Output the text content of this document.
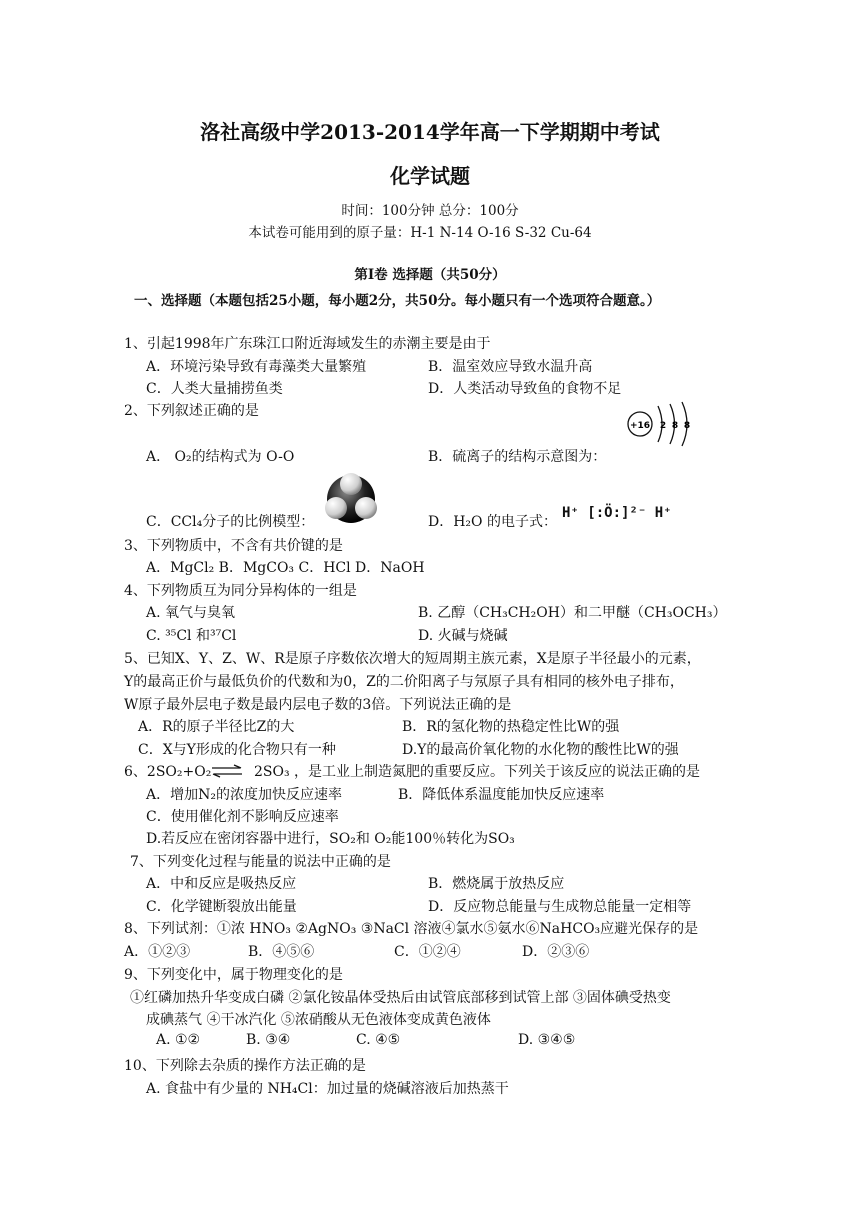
洛社高级中学2013-2014学年高一下学期期中考试
化学试题
时间：100分钟 总分：100分
本试卷可能用到的原子量：H-1 N-14 O-16 S-32 Cu-64
第Ⅰ卷 选择题（共50分）
一、选择题（本题包括25小题，每小题2分，共50分。每小题只有一个选项符合题意。）
1、引起1998年广东珠江口附近海域发生的赤潮主要是由于
A．环境污染导致有毒藻类大量繁殖	B．温室效应导致水温升高
C．人类大量捕捞鱼类	D．人类活动导致鱼的食物不足
2、下列叙述正确的是
A． O₂的结构式为 O-O	B．硫离子的结构示意图为：
+16 2 8 8
C．CCl₄分子的比例模型：	D．H₂O 的电子式：
H⁺ [:Ö:]²⁻ H⁺
3、下列物质中，不含有共价键的是
A．MgCl₂ B．MgCO₃ C．HCl D．NaOH
4、下列物质互为同分异构体的一组是
A. 氧气与臭氧	B. 乙醇（CH₃CH₂OH）和二甲醚（CH₃OCH₃）
C. ³⁵Cl 和³⁷Cl	D. 火碱与烧碱
5、已知X、Y、Z、W、R是原子序数依次增大的短周期主族元素，X是原子半径最小的元素，
Y的最高正价与最低负价的代数和为0，Z的二价阳离子与氖原子具有相同的核外电子排布，
W原子最外层电子数是最内层电子数的3倍。下列说法正确的是
A．R的原子半径比Z的大	B．R的氢化物的热稳定性比W的强
C．X与Y形成的化合物只有一种	D.Y的最高价氧化物的水化物的酸性比W的强
6、2SO₂+O₂ ⇌ 2SO₃ ，是工业上制造氮肥的重要反应。下列关于该反应的说法正确的是
A．增加N₂的浓度加快反应速率	B．降低体系温度能加快反应速率
C．使用催化剂不影响反应速率
D.若反应在密闭容器中进行，SO₂和 O₂能100％转化为SO₃
7、下列变化过程与能量的说法中正确的是
A．中和反应是吸热反应	B．燃烧属于放热反应
C．化学键断裂放出能量	D．反应物总能量与生成物总能量一定相等
8、下列试剂：①浓 HNO₃ ②AgNO₃ ③NaCl 溶液④氯水⑤氨水⑥NaHCO₃应避光保存的是
A．①②③	B．④⑤⑥	C．①②④	D．②③⑥
9、下列变化中，属于物理变化的是
①红磷加热升华变成白磷 ②氯化铵晶体受热后由试管底部移到试管上部 ③固体碘受热变
成碘蒸气 ④干冰汽化 ⑤浓硝酸从无色液体变成黄色液体
A. ①②	B. ③④	C. ④⑤	D. ③④⑤
10、下列除去杂质的操作方法正确的是
A. 食盐中有少量的 NH₄Cl：加过量的烧碱溶液后加热蒸干
